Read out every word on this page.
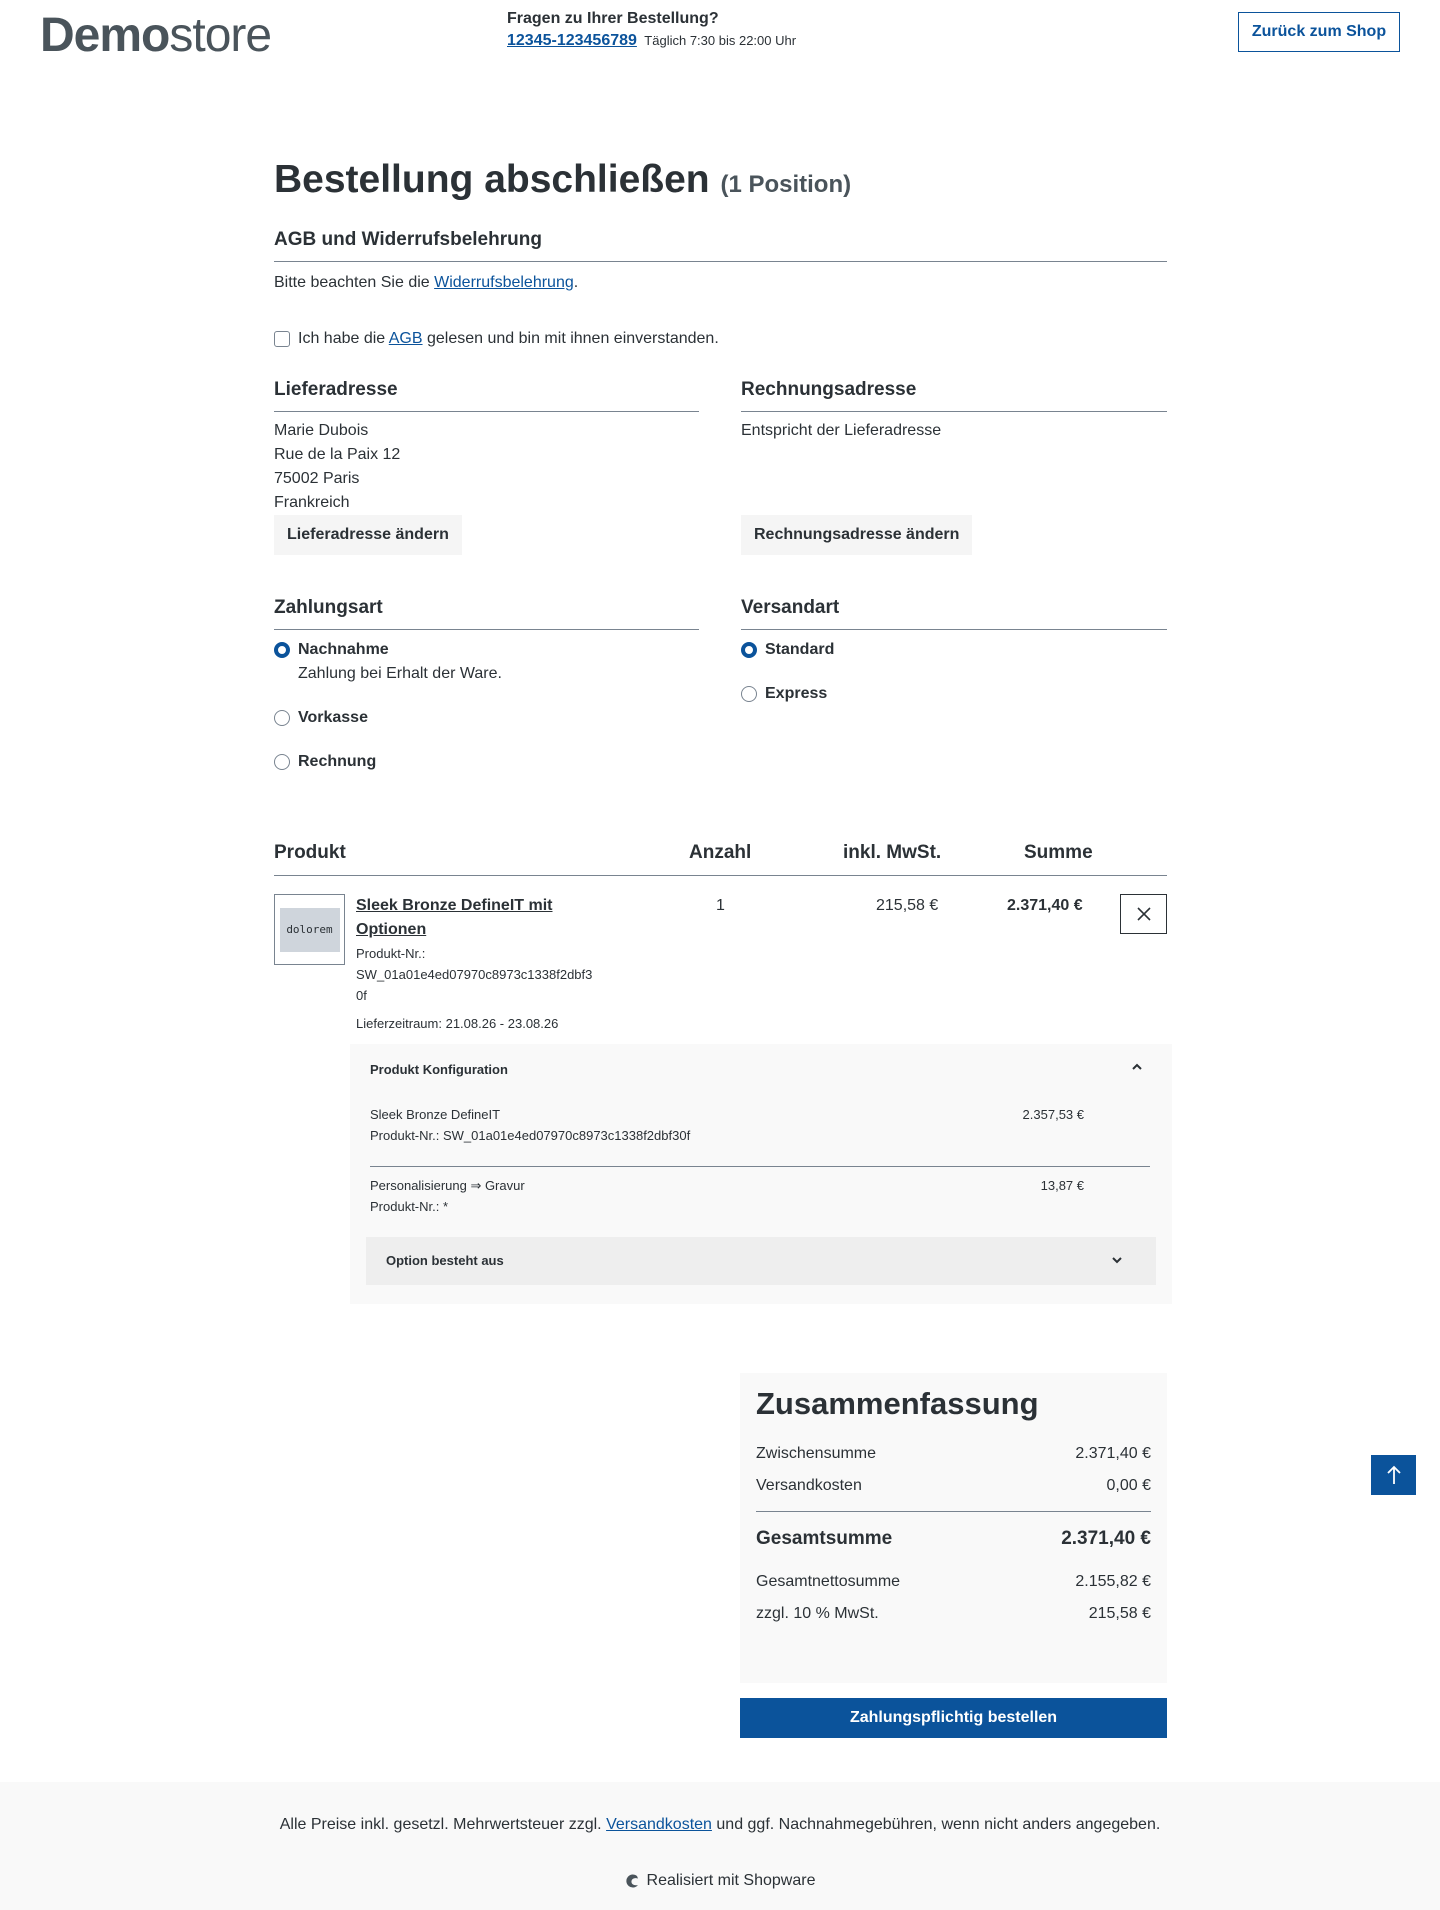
Demostore	Fragen zu Ihrer Bestellung?
12345-123456789 Täglich 7:30 bis 22:00 Uhr
Zurück zum Shop
Bestellung abschließen (1 Position)
AGB und Widerrufsbelehrung
Bitte beachten Sie die Widerrufsbelehrung.
Ich habe die AGB gelesen und bin mit ihnen einverstanden.
Lieferadresse
Marie Dubois
Rue de la Paix 12
75002 Paris
Frankreich
Lieferadresse ändern
Rechnungsadresse
Entspricht der Lieferadresse
Rechnungsadresse ändern
Zahlungsart
Nachnahme
Zahlung bei Erhalt der Ware.
Vorkasse
Rechnung
Versandart
Standard
Express
Produkt	Anzahl	inkl. MwSt.	Summe
dolorem
Sleek Bronze DefineIT mit Optionen
Produkt-Nr.:
SW_01a01e4ed07970c8973c1338f2dbf30f
Lieferzeitraum: 21.08.26 - 23.08.26
1	215,58 €	2.371,40 €
Produkt Konfiguration
Sleek Bronze DefineIT
Produkt-Nr.: SW_01a01e4ed07970c8973c1338f2dbf30f
2.357,53 €
Personalisierung ⇒ Gravur
Produkt-Nr.: *
13,87 €
Option besteht aus
Zusammenfassung
Zwischensumme	2.371,40 €
Versandkosten	0,00 €
Gesamtsumme	2.371,40 €
Gesamtnettosumme	2.155,82 €
zzgl. 10 % MwSt.	215,58 €
Zahlungspflichtig bestellen
Alle Preise inkl. gesetzl. Mehrwertsteuer zzgl. Versandkosten und ggf. Nachnahmegebühren, wenn nicht anders angegeben.
Realisiert mit Shopware
